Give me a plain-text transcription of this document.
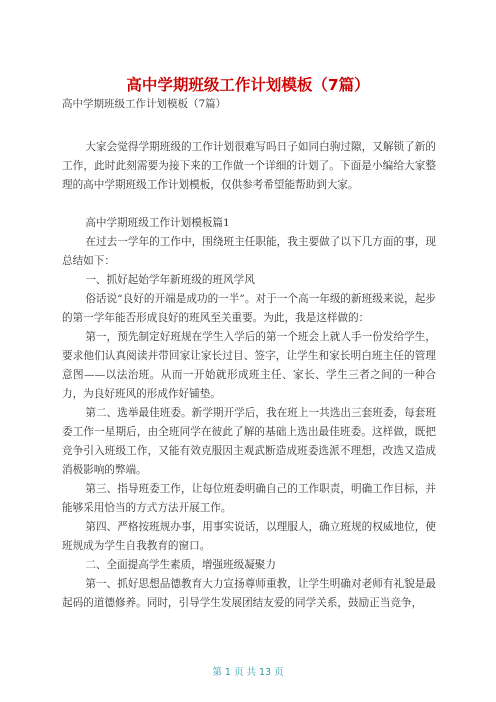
高中学期班级工作计划模板（7篇）

高中学期班级工作计划模板（7篇）

大家会觉得学期班级的工作计划很难写吗日子如同白驹过隙，又解锁了新的工作，此时此刻需要为接下来的工作做一个详细的计划了。下面是小编给大家整理的高中学期班级工作计划模板，仅供参考希望能帮助到大家。

高中学期班级工作计划模板篇1

在过去一学年的工作中，围绕班主任职能，我主要做了以下几方面的事，现总结如下：

一、抓好起始学年新班级的班风学风

俗话说“良好的开端是成功的一半”。对于一个高一年级的新班级来说，起步的第一学年能否形成良好的班风至关重要。为此，我是这样做的：

第一，预先制定好班规在学生入学后的第一个班会上就人手一份发给学生，要求他们认真阅读并带回家让家长过目、签字，让学生和家长明白班主任的管理意图——以法治班。从而一开始就形成班主任、家长、学生三者之间的一种合力，为良好班风的形成作好铺垫。

第二、选举最佳班委。新学期开学后，我在班上一共选出三套班委，每套班委工作一星期后，由全班同学在彼此了解的基础上选出最佳班委。这样做，既把竞争引入班级工作，又能有效克服因主观武断造成班委选派不理想，改选又造成消极影响的弊端。

第三、指导班委工作，让每位班委明确自己的工作职责，明确工作目标，并能够采用恰当的方式方法开展工作。

第四、严格按班规办事，用事实说话，以理服人，确立班规的权威地位，使班规成为学生自我教育的窗口。

二、全面提高学生素质，增强班级凝聚力

第一、抓好思想品德教育大力宣扬尊师重教，让学生明确对老师有礼貌是最起码的道德修养。同时，引导学生发展团结友爱的同学关系，鼓励正当竞争，

第 1 页 共 13 页
